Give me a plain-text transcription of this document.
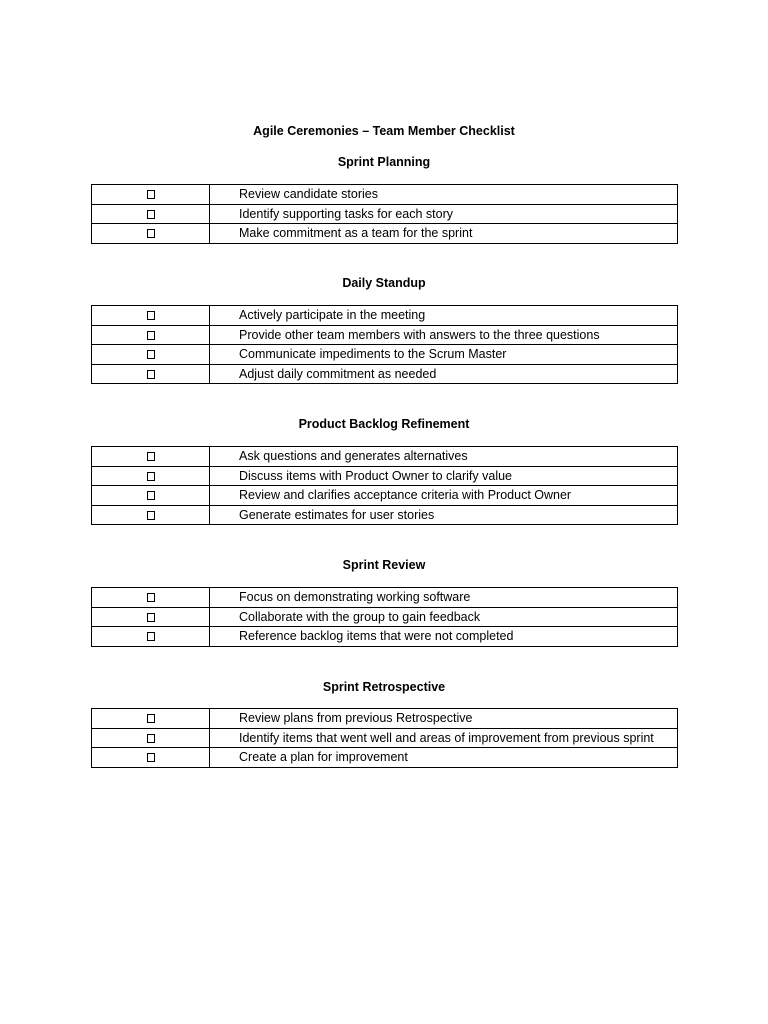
Agile Ceremonies – Team Member Checklist
Sprint Planning

	Review candidate stories

	Identify supporting tasks for each story

	Make commitment as a team for the sprint
Daily Standup

	Actively participate in the meeting

	Provide other team members with answers to the three questions

	Communicate impediments to the Scrum Master

	Adjust daily commitment as needed
Product Backlog Refinement

	Ask questions and generates alternatives

	Discuss items with Product Owner to clarify value

	Review and clarifies acceptance criteria with Product Owner

	Generate estimates for user stories
Sprint Review

	Focus on demonstrating working software

	Collaborate with the group to gain feedback

	Reference backlog items that were not completed
Sprint Retrospective

	Review plans from previous Retrospective

	Identify items that went well and areas of improvement from previous sprint

	Create a plan for improvement
